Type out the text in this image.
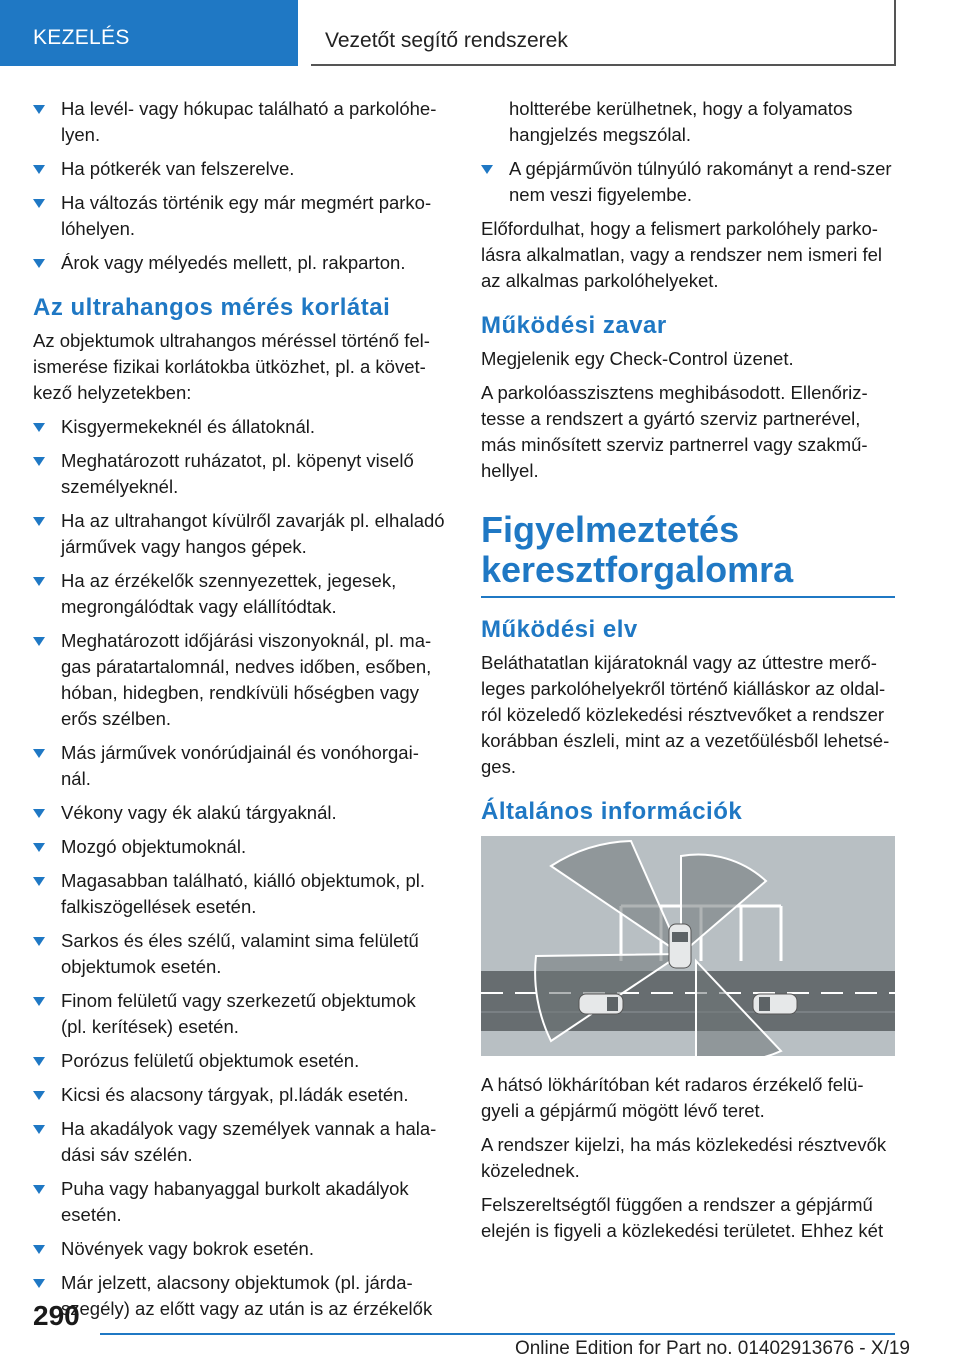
KEZELÉS	Vezetőt segítő rendszerek
Ha levél- vagy hókupac található a parkolóhe-lyen.
Ha pótkerék van felszerelve.
Ha változás történik egy már megmért parko-lóhelyen.
Árok vagy mélyedés mellett, pl. rakparton.
Az ultrahangos mérés korlátai

Az objektumok ultrahangos méréssel történő fel-ismerése fizikai korlátokba ütközhet, pl. a követ-kező helyzetekben:

Kisgyermekeknél és állatoknál.
Meghatározott ruházatot, pl. köpenyt viselő személyeknél.
Ha az ultrahangot kívülről zavarják pl. elhaladó járművek vagy hangos gépek.
Ha az érzékelők szennyezettek, jegesek, megrongálódtak vagy elállítódtak.
Meghatározott időjárási viszonyoknál, pl. ma-gas páratartalomnál, nedves időben, esőben, hóban, hidegben, rendkívüli hőségben vagy erős szélben.
Más járművek vonórúdjainál és vonóhorgai-nál.
Vékony vagy ék alakú tárgyaknál.
Mozgó objektumoknál.
Magasabban található, kiálló objektumok, pl. falkiszögellések esetén.
Sarkos és éles szélű, valamint sima felületű objektumok esetén.
Finom felületű vagy szerkezetű objektumok (pl. kerítések) esetén.
Porózus felületű objektumok esetén.
Kicsi és alacsony tárgyak, pl.ládák esetén.
Ha akadályok vagy személyek vannak a hala-dási sáv szélén.
Puha vagy habanyaggal burkolt akadályok esetén.
Növények vagy bokrok esetén.
Már jelzett, alacsony objektumok (pl. járda-szegély) az előtt vagy az után is az érzékelők
holtterébe kerülhetnek, hogy a folyamatos hangjelzés megszólal.
A gépjárművön túlnyúló rakományt a rend-szer nem veszi figyelembe.

Előfordulhat, hogy a felismert parkolóhely parko-lásra alkalmatlan, vagy a rendszer nem ismeri fel az alkalmas parkolóhelyeket.

Működési zavar

Megjelenik egy Check-Control üzenet.

A parkolóasszisztens meghibásodott. Ellenőriz-tesse a rendszert a gyártó szerviz partnerével, más minősített szerviz partnerrel vagy szakmű-hellyel.

Figyelmeztetés keresztforgalomra
Működési elv

Beláthatatlan kijáratoknál vagy az úttestre merő-leges parkolóhelyekről történő kiálláskor az oldal-ról közeledő közlekedési résztvevőket a rendszer korábban észleli, mint az a vezetőülésből lehetsé-ges.

Általános információk

A hátsó lökhárítóban két radaros érzékelő felü-gyeli a gépjármű mögött lévő teret.

A rendszer kijelzi, ha más közlekedési résztvevők közelednek.

Felszereltségtől függően a rendszer a gépjármű elején is figyeli a közlekedési területet. Ehhez két

290
Online Edition for Part no. 01402913676 - X/19
